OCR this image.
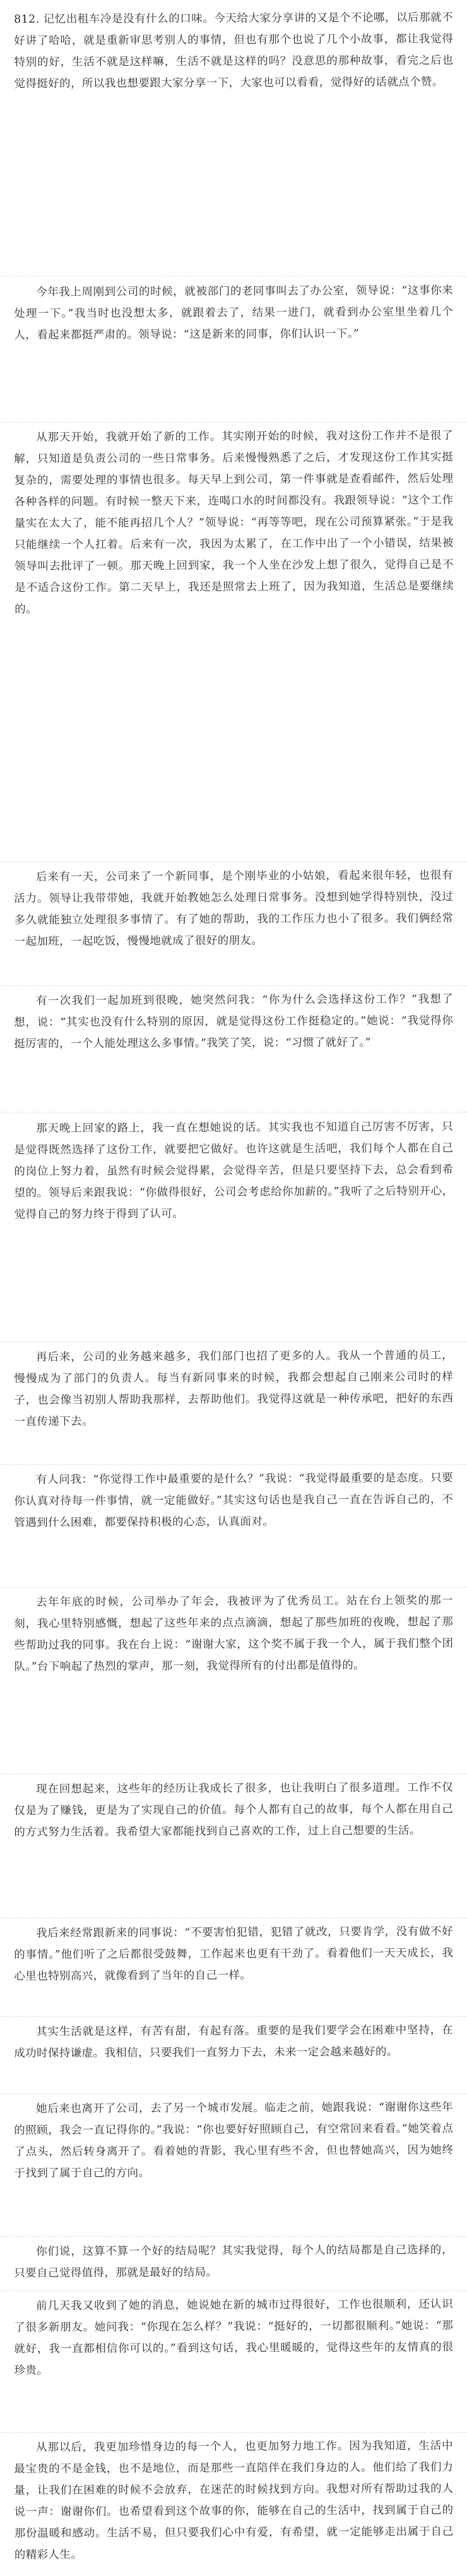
812. 记忆出租车冷是没有什么的口味。今天给大家分享讲的又是个不论哪，以后那就不好讲了哈哈，就是重新审思考别人的事情，但也有那个也说了几个小故事，都让我觉得特别的好，生活不就是这样嘛，生活不就是这样的吗？没意思的那种故事，看完之后也觉得挺好的，所以我也想要跟大家分享一下，大家也可以看看，觉得好的话就点个赞。
今年我上周刚到公司的时候，就被部门的老同事叫去了办公室，领导说：“这事你来处理一下。”我当时也没想太多，就跟着去了，结果一进门，就看到办公室里坐着几个人，看起来都挺严肃的。领导说：“这是新来的同事，你们认识一下。”
从那天开始，我就开始了新的工作。其实刚开始的时候，我对这份工作并不是很了解，只知道是负责公司的一些日常事务。后来慢慢熟悉了之后，才发现这份工作其实挺复杂的，需要处理的事情也很多。每天早上到公司，第一件事就是查看邮件，然后处理各种各样的问题。有时候一整天下来，连喝口水的时间都没有。我跟领导说：“这个工作量实在太大了，能不能再招几个人？”领导说：“再等等吧，现在公司预算紧张。”于是我只能继续一个人扛着。后来有一次，我因为太累了，在工作中出了一个小错误，结果被领导叫去批评了一顿。那天晚上回到家，我一个人坐在沙发上想了很久，觉得自己是不是不适合这份工作。第二天早上，我还是照常去上班了，因为我知道，生活总是要继续的。
后来有一天，公司来了一个新同事，是个刚毕业的小姑娘，看起来很年轻，也很有活力。领导让我带带她，我就开始教她怎么处理日常事务。没想到她学得特别快，没过多久就能独立处理很多事情了。有了她的帮助，我的工作压力也小了很多。我们俩经常一起加班，一起吃饭，慢慢地就成了很好的朋友。
有一次我们一起加班到很晚，她突然问我：“你为什么会选择这份工作？”我想了想，说：“其实也没有什么特别的原因，就是觉得这份工作挺稳定的。”她说：“我觉得你挺厉害的，一个人能处理这么多事情。”我笑了笑，说：“习惯了就好了。”
那天晚上回家的路上，我一直在想她说的话。其实我也不知道自己厉害不厉害，只是觉得既然选择了这份工作，就要把它做好。也许这就是生活吧，我们每个人都在自己的岗位上努力着，虽然有时候会觉得累，会觉得辛苦，但是只要坚持下去，总会看到希望的。领导后来跟我说：“你做得很好，公司会考虑给你加薪的。”我听了之后特别开心，觉得自己的努力终于得到了认可。
再后来，公司的业务越来越多，我们部门也招了更多的人。我从一个普通的员工，慢慢成为了部门的负责人。每当有新同事来的时候，我都会想起自己刚来公司时的样子，也会像当初别人帮助我那样，去帮助他们。我觉得这就是一种传承吧，把好的东西一直传递下去。
有人问我：“你觉得工作中最重要的是什么？”我说：“我觉得最重要的是态度。只要你认真对待每一件事情，就一定能做好。”其实这句话也是我自己一直在告诉自己的，不管遇到什么困难，都要保持积极的心态，认真面对。
去年年底的时候，公司举办了年会，我被评为了优秀员工。站在台上领奖的那一刻，我心里特别感慨，想起了这些年来的点点滴滴，想起了那些加班的夜晚，想起了那些帮助过我的同事。我在台上说：“谢谢大家，这个奖不属于我一个人，属于我们整个团队。”台下响起了热烈的掌声，那一刻，我觉得所有的付出都是值得的。
现在回想起来，这些年的经历让我成长了很多，也让我明白了很多道理。工作不仅仅是为了赚钱，更是为了实现自己的价值。每个人都有自己的故事，每个人都在用自己的方式努力生活着。我希望大家都能找到自己喜欢的工作，过上自己想要的生活。
我后来经常跟新来的同事说：“不要害怕犯错，犯错了就改，只要肯学，没有做不好的事情。”他们听了之后都很受鼓舞，工作起来也更有干劲了。看着他们一天天成长，我心里也特别高兴，就像看到了当年的自己一样。
其实生活就是这样，有苦有甜，有起有落。重要的是我们要学会在困难中坚持，在成功时保持谦虚。我相信，只要我们一直努力下去，未来一定会越来越好的。
她后来也离开了公司，去了另一个城市发展。临走之前，她跟我说：“谢谢你这些年的照顾，我会一直记得你的。”我说：“你也要好好照顾自己，有空常回来看看。”她笑着点了点头，然后转身离开了。看着她的背影，我心里有些不舍，但也替她高兴，因为她终于找到了属于自己的方向。
你们说，这算不算一个好的结局呢？其实我觉得，每个人的结局都是自己选择的，只要自己觉得值得，那就是最好的结局。
前几天我又收到了她的消息，她说她在新的城市过得很好，工作也很顺利，还认识了很多新朋友。她问我：“你现在怎么样？”我说：“挺好的，一切都很顺利。”她说：“那就好，我一直都相信你可以的。”看到这句话，我心里暖暖的，觉得这些年的友情真的很珍贵。
从那以后，我更加珍惜身边的每一个人，也更加努力地工作。因为我知道，生活中最宝贵的不是金钱，也不是地位，而是那些一直陪伴在我们身边的人。他们给了我们力量，让我们在困难的时候不会放弃，在迷茫的时候找到方向。我想对所有帮助过我的人说一声：谢谢你们。也希望看到这个故事的你，能够在自己的生活中，找到属于自己的那份温暖和感动。生活不易，但只要我们心中有爱，有希望，就一定能够走出属于自己的精彩人生。
